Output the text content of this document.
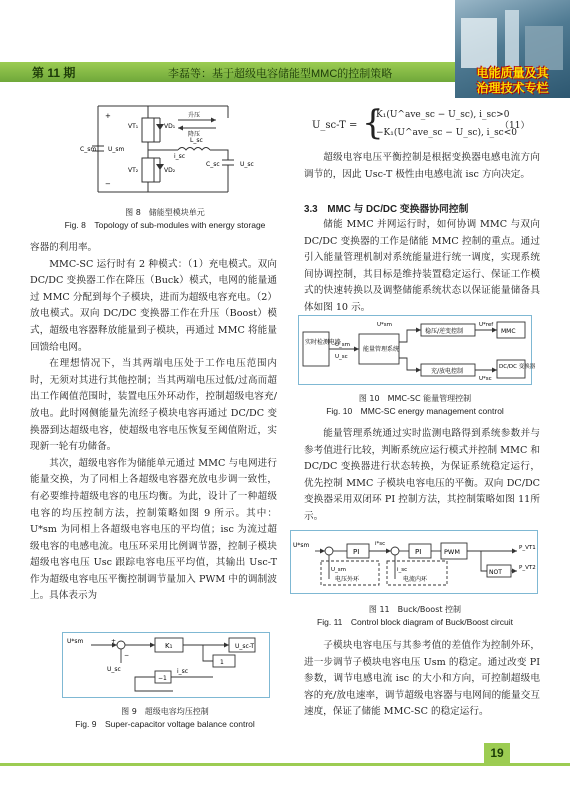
第 11 期	李磊等：基于超级电容储能型MMC的控制策略	电能质量及其
治理技术专栏
升压
降压
VT₁	VD₁
VT₂	VD₂
L_sc
i_sc
C_sm U_sm
C_sc	U_sc
+
−
图 8　储能型模块单元
Fig. 8　Topology of sub-modules with energy storage

容器的利用率。

MMC-SC 运行时有 2 种模式：（1）充电模式。双向 DC/DC 变换器工作在降压（Buck）模式，电网的能量通过 MMC 分配到每个子模块，进而为超级电容充电。（2）放电模式。双向 DC/DC 变换器工作在升压（Boost）模式，超级电容器释放能量到子模块，再通过 MMC 将能量回馈给电网。

在理想情况下，当其两端电压处于工作电压范围内时，无须对其进行其他控制；当其两端电压过低/过高而超出工作阈值范围时，装置电压外环动作，控制超级电容充/放电。此时网侧能量先流经子模块电容再通过 DC/DC 变换器到达超级电容，使超级电容电压恢复至阈值附近，实现新一轮有功储备。

其次，超级电容作为储能单元通过 MMC 与电网进行能量交换，为了同相上各超级电容器充放电步调一致性，有必要维持超级电容的电压均衡。为此，设计了一种超级电容的均压控制方法，控制策略如图 9 所示。其中：U*sm 为同相上各超级电容电压的平均值；isc 为流过超级电容的电感电流。电压环采用比例调节器，控制子模块超级电容电压 Usc 跟踪电容电压平均值，其输出 Usc-T 作为超级电容电压平衡控制调节量加入 PWM 中的调制波上。具体表示为

U*sm
K₁	U_sc-T
U_sc	i_sc
1
−1
+
−
图 9　超级电容均压控制
Fig. 9　Super-capacitor voltage balance control
U_sc-T = {
K₁(U^ave_sc − U_sc), i_sc>0
−K₁(U^ave_sc − U_sc), i_sc<0
（11）

超级电容电压平衡控制是根据变换器电感电流方向调节的，因此 Usc-T 极性由电感电流 isc 方向决定。

3.3　MMC 与 DC/DC 变换器协同控制

储能 MMC 并网运行时，如何协调 MMC 与双向 DC/DC 变换器的工作是储能 MMC 控制的重点。通过引入能量管理机制对系统能量进行统一调度，实现系统间协调控制，其目标是维持装置稳定运行、保证工作模式的快速转换以及调整储能系统状态以保证能量储备具体如图 10 示。

实时检测电路
能量管理系统
稳压/逆变控制
充/放电控制
MMC
DC/DC 变换器
U*sm
U_sm
U*ref
U_sc
U*sc
图 10　MMC-SC 能量管理控制
Fig. 10　MMC-SC energy management control

能量管理系统通过实时监测电路得到系统参数并与参考值进行比较，判断系统应运行模式并控制 MMC 和 DC/DC 变换器进行状态转换，为保证系统稳定运行，优先控制 MMC 子模块电容电压的平衡。双向 DC/DC 变换器采用双闭环 PI 控制方法，其控制策略如图 11所示。

U*sm
PI	PI	PWM
NOT
电压外环	电流内环
U_sm
i*sc
i_sc
P_VT1
P_VT2
图 11　Buck/Boost 控制
Fig. 11　Control block diagram of Buck/Boost circuit

子模块电容电压与其参考值的差值作为控制外环，进一步调节子模块电容电压 Usm 的稳定。通过改变 PI 参数，调节电感电流 isc 的大小和方向，可控制超级电容的充/放电速率，调节超级电容器与电网间的能量交互速度，保证了储能 MMC-SC 的稳定运行。

19
